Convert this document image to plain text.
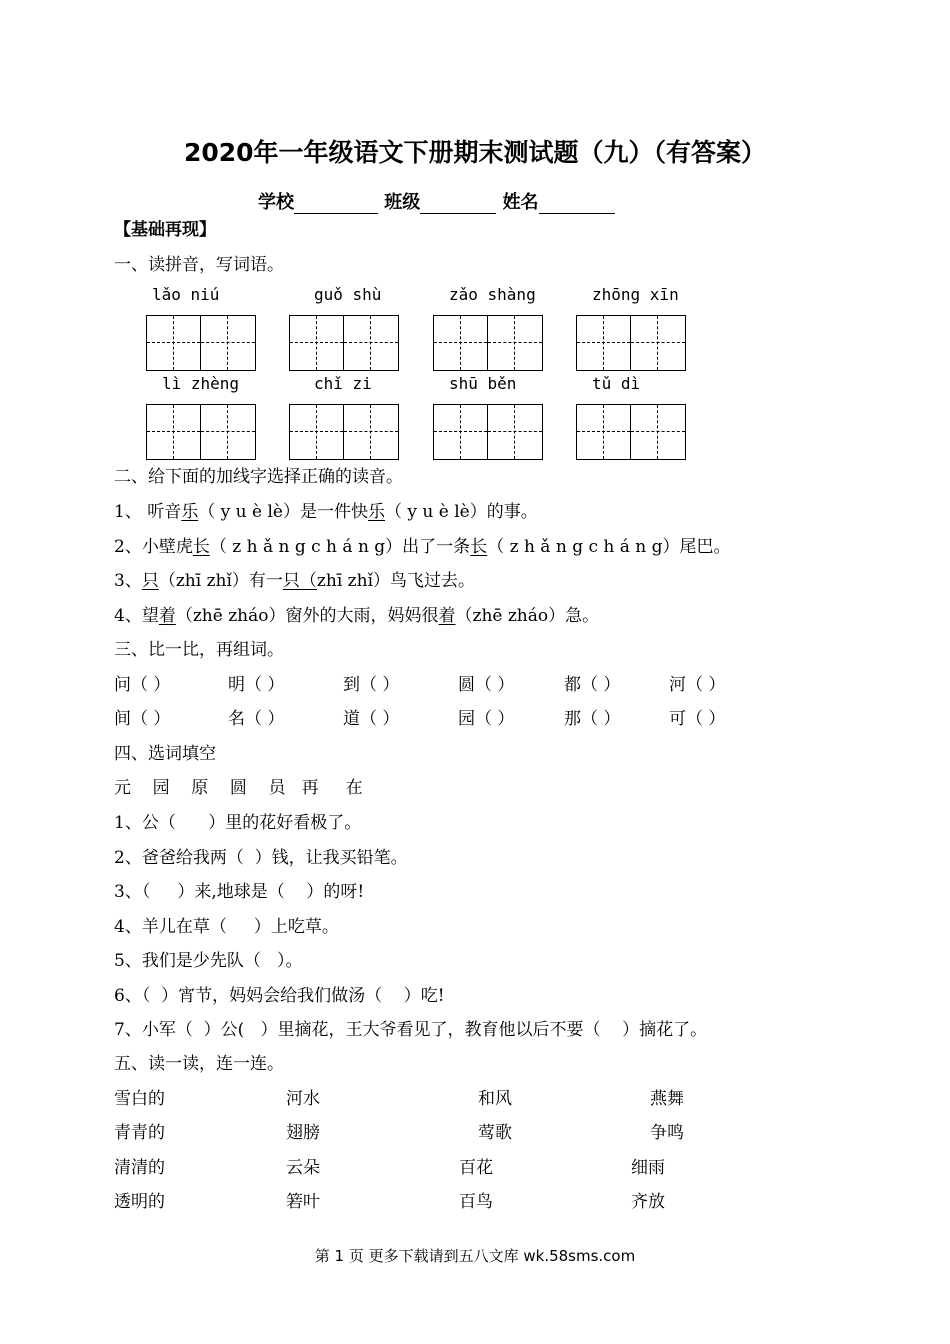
2020年一年级语文下册期末测试题（九）（有答案）
学校	班级	姓名
【基础再现】
一、读拼音，写词语。
lǎo niú	guǒ shù	zǎo shàng	zhōng xīn
lì zhèng	chǐ zi	shū běn	tǔ dì
二、给下面的加线字选择正确的读音。
1、 听音乐（ y u è lè）是一件快乐（ y u è lè）的事。
2、小壁虎长（ z h ǎ n g c h á n g）出了一条长（ z h ǎ n g c h á n g）尾巴。
3、只（zhī zhǐ）有一只（zhī zhǐ）鸟飞过去。
4、望着（zhē zháo）窗外的大雨，妈妈很着（zhē zháo）急。
三、比一比，再组词。
问（ ）	明（ ）	到（ ）	圆（ ）	都（ ）	河（ ）
间（ ）	名（ ）	道（ ）	园（ ）	那（ ）	可（ ）
四、选词填空
元    园    原    圆    员   再     在
1、公（      ）里的花好看极了。
2、爸爸给我两（  ）钱，让我买铅笔。
3、（     ）来,地球是（    ）的呀!
4、羊儿在草（     ）上吃草。
5、我们是少先队（   ）。
6、（  ）宵节，妈妈会给我们做汤（    ）吃!
7、小军（  ）公(   ）里摘花，王大爷看见了，教育他以后不要（    ）摘花了。
五、读一读，连一连。
雪白的	河水	和风	燕舞
青青的	翅膀	莺歌	争鸣
清清的	云朵	百花	细雨
透明的	箬叶	百鸟	齐放
第 1 页 更多下载请到五八文库 wk.58sms.com
